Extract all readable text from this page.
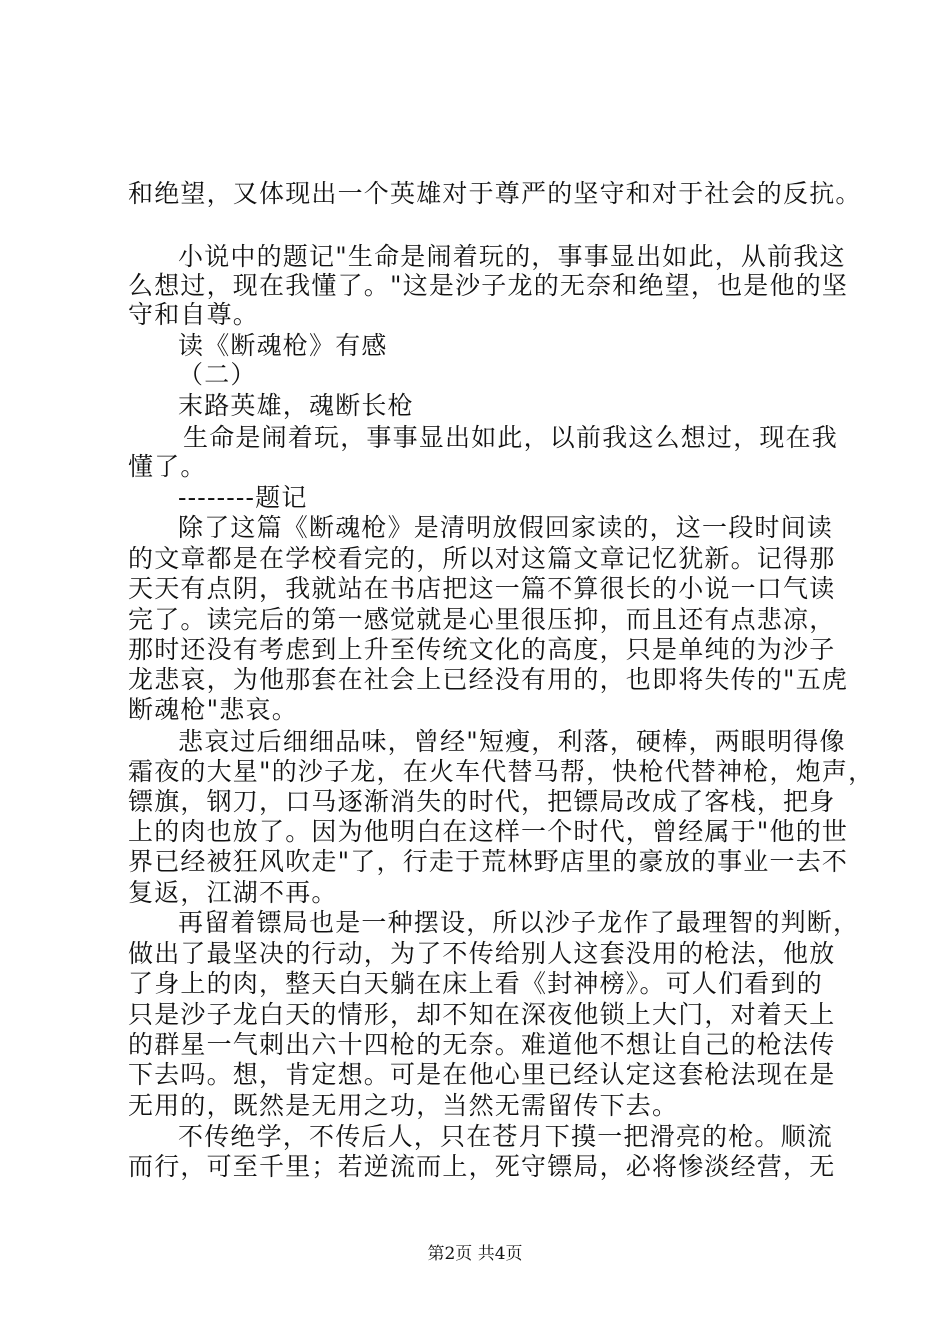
和绝望，又体现出一个英雄对于尊严的坚守和对于社会的反抗。
小说中的题记"生命是闹着玩的，事事显出如此，从前我这
么想过，现在我懂了。"这是沙子龙的无奈和绝望，也是他的坚
守和自尊。
读《断魂枪》有感
（二）
末路英雄，魂断长枪
生命是闹着玩，事事显出如此，以前我这么想过，现在我
懂了。
--------题记
除了这篇《断魂枪》是清明放假回家读的，这一段时间读
的文章都是在学校看完的，所以对这篇文章记忆犹新。记得那
天天有点阴，我就站在书店把这一篇不算很长的小说一口气读
完了。读完后的第一感觉就是心里很压抑，而且还有点悲凉，
那时还没有考虑到上升至传统文化的高度，只是单纯的为沙子
龙悲哀，为他那套在社会上已经没有用的，也即将失传的"五虎
断魂枪"悲哀。
悲哀过后细细品味，曾经"短瘦，利落，硬棒，两眼明得像
霜夜的大星"的沙子龙，在火车代替马帮，快枪代替神枪，炮声，
镖旗，钢刀，口马逐渐消失的时代，把镖局改成了客栈，把身
上的肉也放了。因为他明白在这样一个时代，曾经属于"他的世
界已经被狂风吹走"了，行走于荒林野店里的豪放的事业一去不
复返，江湖不再。
再留着镖局也是一种摆设，所以沙子龙作了最理智的判断，
做出了最坚决的行动，为了不传给别人这套没用的枪法，他放
了身上的肉，整天白天躺在床上看《封神榜》。可人们看到的
只是沙子龙白天的情形，却不知在深夜他锁上大门，对着天上
的群星一气刺出六十四枪的无奈。难道他不想让自己的枪法传
下去吗。想，肯定想。可是在他心里已经认定这套枪法现在是
无用的，既然是无用之功，当然无需留传下去。
不传绝学，不传后人，只在苍月下摸一把滑亮的枪。顺流
而行，可至千里；若逆流而上，死守镖局，必将惨淡经营，无
第2页 共4页
